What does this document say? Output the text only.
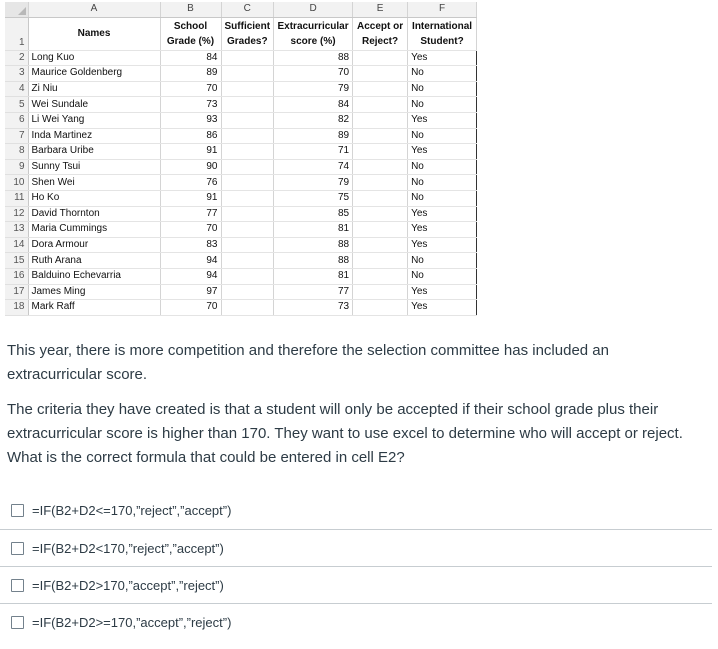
	A	B	C	D	E	F
1	Names	School Grade (%)	Sufficient Grades?	Extracurricular score (%)	Accept or Reject?	International Student?
2	Long Kuo	84		88		Yes
3	Maurice Goldenberg	89		70		No
4	Zi Niu	70		79		No
5	Wei Sundale	73		84		No
6	Li Wei Yang	93		82		Yes
7	Inda Martinez	86		89		No
8	Barbara Uribe	91		71		Yes
9	Sunny Tsui	90		74		No
10	Shen Wei	76		79		No
11	Ho Ko	91		75		No
12	David Thornton	77		85		Yes
13	Maria Cummings	70		81		Yes
14	Dora Armour	83		88		Yes
15	Ruth Arana	94		88		No
16	Balduino Echevarria	94		81		No
17	James Ming	97		77		Yes
18	Mark Raff	70		73		Yes

This year, there is more competition and therefore the selection committee has included an extracurricular score.

The criteria they have created is that a student will only be accepted if their school grade plus their extracurricular score is higher than 170. They want to use excel to determine who will accept or reject. What is the correct formula that could be entered in cell E2?

=IF(B2+D2<=170,”reject”,”accept”)
=IF(B2+D2<170,”reject”,”accept”)
=IF(B2+D2>170,”accept”,”reject”)
=IF(B2+D2>=170,”accept”,”reject”)
